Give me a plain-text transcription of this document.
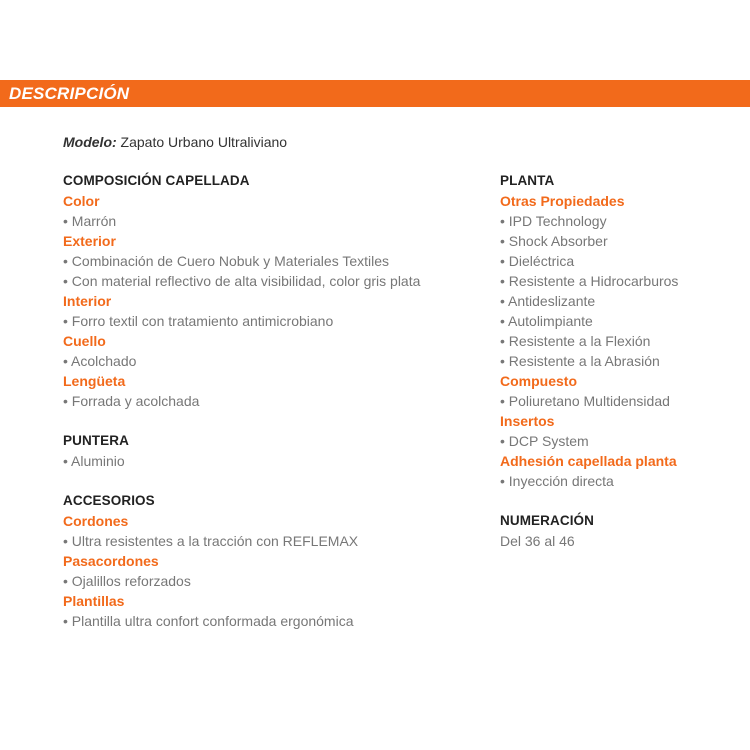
DESCRIPCIÓN
Modelo: Zapato Urbano Ultraliviano
COMPOSICIÓN CAPELLADA
Color
• Marrón
Exterior
• Combinación de Cuero Nobuk y Materiales Textiles
• Con material reflectivo de alta visibilidad, color gris plata
Interior
• Forro textil con tratamiento antimicrobiano
Cuello
• Acolchado
Lengüeta
• Forrada y acolchada
PUNTERA
• Aluminio
ACCESORIOS
Cordones
• Ultra resistentes a la tracción con REFLEMAX
Pasacordones
• Ojalillos reforzados
Plantillas
• Plantilla ultra confort conformada ergonómica
PLANTA
Otras Propiedades
• IPD Technology
• Shock Absorber
• Dieléctrica
• Resistente a Hidrocarburos
• Antideslizante
• Autolimpiante
• Resistente a la Flexión
• Resistente a la Abrasión
Compuesto
• Poliuretano Multidensidad
Insertos
• DCP System
Adhesión capellada planta
• Inyección directa
NUMERACIÓN
Del 36 al 46
